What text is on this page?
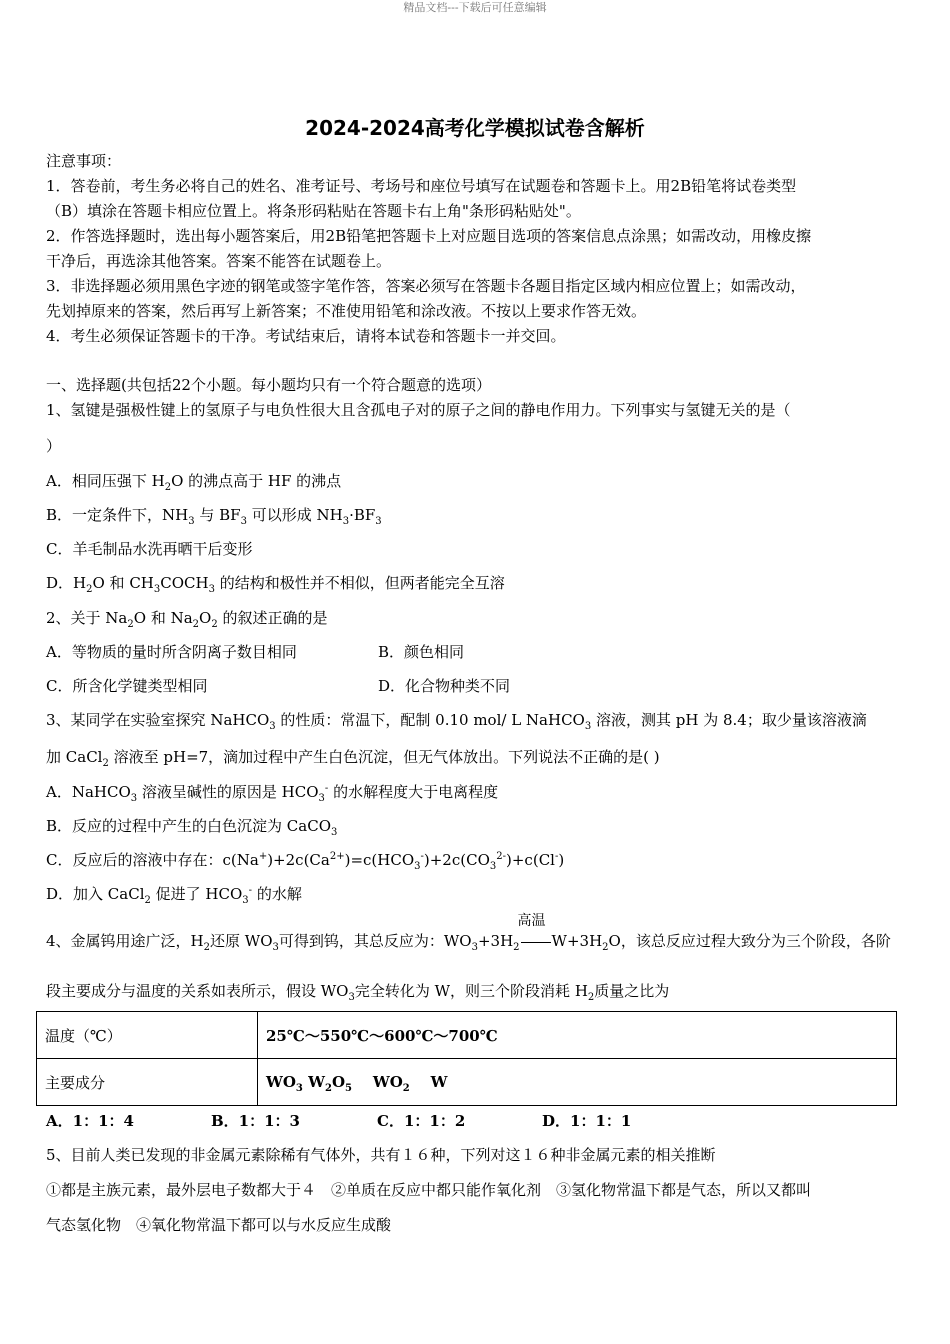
精品文档---下载后可任意编辑
2024-2024高考化学模拟试卷含解析
注意事项：
1．答卷前，考生务必将自己的姓名、准考证号、考场号和座位号填写在试题卷和答题卡上。用2B铅笔将试卷类型
（B）填涂在答题卡相应位置上。将条形码粘贴在答题卡右上角"条形码粘贴处"。
2．作答选择题时，选出每小题答案后，用2B铅笔把答题卡上对应题目选项的答案信息点涂黑；如需改动，用橡皮擦
干净后，再选涂其他答案。答案不能答在试题卷上。
3．非选择题必须用黑色字迹的钢笔或签字笔作答，答案必须写在答题卡各题目指定区域内相应位置上；如需改动，
先划掉原来的答案，然后再写上新答案；不准使用铅笔和涂改液。不按以上要求作答无效。
4．考生必须保证答题卡的干净。考试结束后，请将本试卷和答题卡一并交回。
一、选择题(共包括22个小题。每小题均只有一个符合题意的选项）
1、氢键是强极性键上的氢原子与电负性很大且含孤电子对的原子之间的静电作用力。下列事实与氢键无关的是（
）
A．相同压强下 $H_2O$ 的沸点高于 HF 的沸点
B．一定条件下，$NH_3$ 与 $BF_3$ 可以形成 $NH_3\cdot BF_3$
C．羊毛制品水洗再晒干后变形
D．$H_2O$ 和 $CH_3COCH_3$ 的结构和极性并不相似，但两者能完全互溶
2、关于 $Na_2O$ 和 $Na_2O_2$ 的叙述正确的是
A．等物质的量时所含阴离子数目相同	B．颜色相同
C．所含化学键类型相同	D．化合物种类不同
3、某同学在实验室探究 NaHCO$_3$ 的性质：常温下，配制 0.10 mol/ L NaHCO$_3$ 溶液，测其 pH 为 8.4；取少量该溶液滴
加 CaCl$_2$ 溶液至 pH=7，滴加过程中产生白色沉淀，但无气体放出。下列说法不正确的是( )
A．NaHCO$_3$ 溶液呈碱性的原因是 $HCO_3^-$ 的水解程度大于电离程度
B．反应的过程中产生的白色沉淀为 CaCO$_3$
C．反应后的溶液中存在：$c(Na^+)+2c(Ca^{2+})=c(HCO_3^-)+2c(CO_3^{2-})+c(Cl^-)$
D．加入 CaCl$_2$ 促进了 $HCO_3^-$ 的水解
4、金属钨用途广泛，$H_2$还原 $WO_3$可得到钨，其总反应为：$WO_3+3H_2$
高温
$W+3H_2O$，该总反应过程大致分为三个阶段，各阶
段主要成分与温度的关系如表所示，假设 $WO_3$完全转化为 W，则三个阶段消耗 $H_2$质量之比为
温度（℃）	25℃～550℃～600℃～700℃
主要成分	$WO_3$ $W_2O_5$    $WO_2$    W
A．1：1：4	B．1：1：3	C．1：1：2	D．1：1：1
5、目前人类已发现的非金属元素除稀有气体外，共有１６种，下列对这１６种非金属元素的相关推断
①都是主族元素，最外层电子数都大于４　②单质在反应中都只能作氧化剂　③氢化物常温下都是气态，所以又都叫
气态氢化物　④氧化物常温下都可以与水反应生成酸
